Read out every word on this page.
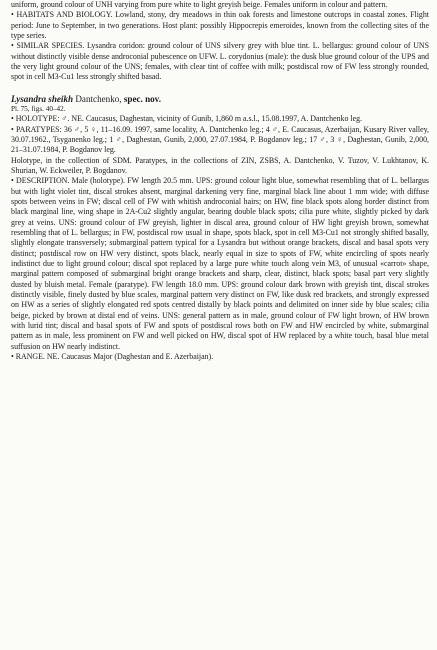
uniform, ground colour of UNH varying from pure white to light greyish beige. Females uniform in colour and pattern.

• HABITATS AND BIOLOGY. Lowland, stony, dry meadows in thin oak forests and limestone outcrops in coastal zones. Flight period: June to September, in two generations. Host plant: possibly Hippocrepis emeroides, known from the collecting sites of the type series.

• SIMILAR SPECIES. Lysandra coridon: ground colour of UNS silvery grey with blue tint. L. bellargus: ground colour of UNS without distinctly visible dense androconial pubescence on UFW. L. corydonius (male): the dusk blue ground colour of the UPS and the very light ground colour of the UNS; females, with clear tint of coffee with milk; postdiscal row of FW less strongly rounded, spot in cell M3-Cu1 less strongly shifted basad.

Lysandra sheikh Dantchenko, spec. nov.

Pl. 75, figs. 40–42.

• HOLOTYPE: ♂. NE. Caucasus, Daghestan, vicinity of Gunib, 1,860 m a.s.l., 15.08.1997, A. Dantchenko leg.

• PARATYPES: 36 ♂, 5 ♀, 11–16.09. 1997, same locality, A. Dantchenko leg.; 4 ♂, E. Caucasus, Azerbaijan, Kusary River valley, 30.07.1962., Tsyganenko leg.; 1 ♂, Daghestan, Gunib, 2,000, 27.07.1984, P. Bogdanov leg.; 17 ♂, 3 ♀, Daghestan, Gunib, 2,000, 21–31.07.1984, P. Bogdanov leg.

Holotype, in the collection of SDM. Paratypes, in the collections of ZIN, ZSBS, A. Dantchenko, V. Tuzov, V. Lukhtanov, K. Shurian, W. Eckweiler, P. Bogdanov.

• DESCRIPTION. Male (holotype). FW length 20.5 mm. UPS: ground colour light blue, somewhat resembling that of L. bellargus but with light violet tint, discal strokes absent, marginal darkening very fine, marginal black line about 1 mm wide; with diffuse spots between veins in FW; discal cell of FW with whitish androconial hairs; on HW, fine black spots along border distinct from black marginal line, wing shape in 2A-Cu2 slightly angular, bearing double black spots; cilia pure white, slightly picked by dark grey at veins. UNS: ground colour of FW greyish, lighter in discal area, ground colour of HW light greyish brown, somewhat resembling that of L. bellargus; in FW, postdiscal row usual in shape, spots black, spot in cell M3-Cu1 not strongly shifted basally, slightly elongate transversely; submarginal pattern typical for a Lysandra but without orange brackets, discal and basal spots very distinct; postdiscal row on HW very distinct, spots black, nearly equal in size to spots of FW, white encircling of spots nearly indistinct due to light ground colour; discal spot replaced by a large pure white touch along vein M3, of unusual «carrot» shape, marginal pattern composed of submarginal bright orange brackets and sharp, clear, distinct, black spots; basal part very slightly dusted by bluish metal. Female (paratype). FW length 18.0 mm. UPS: ground colour dark brown with greyish tint, discal strokes distinctly visible, finely dusted by blue scales, marginal pattern very distinct on FW, like dusk red brackets, and strongly expressed on HW as a series of slightly elongated red spots centred distally by black points and delimited on inner side by blue scales; cilia beige, picked by brown at distal end of veins. UNS: general pattern as in male, ground colour of FW light brown, of HW brown with lurid tint; discal and basal spots of FW and spots of postdiscal rows both on FW and HW encircled by white, submarginal pattern as in male, less prominent on FW and well picked on HW, discal spot of HW replaced by a white touch, basal blue metal suffusion on HW nearly indistinct.

• RANGE. NE. Caucasus Major (Daghestan and E. Azerbaijan).
